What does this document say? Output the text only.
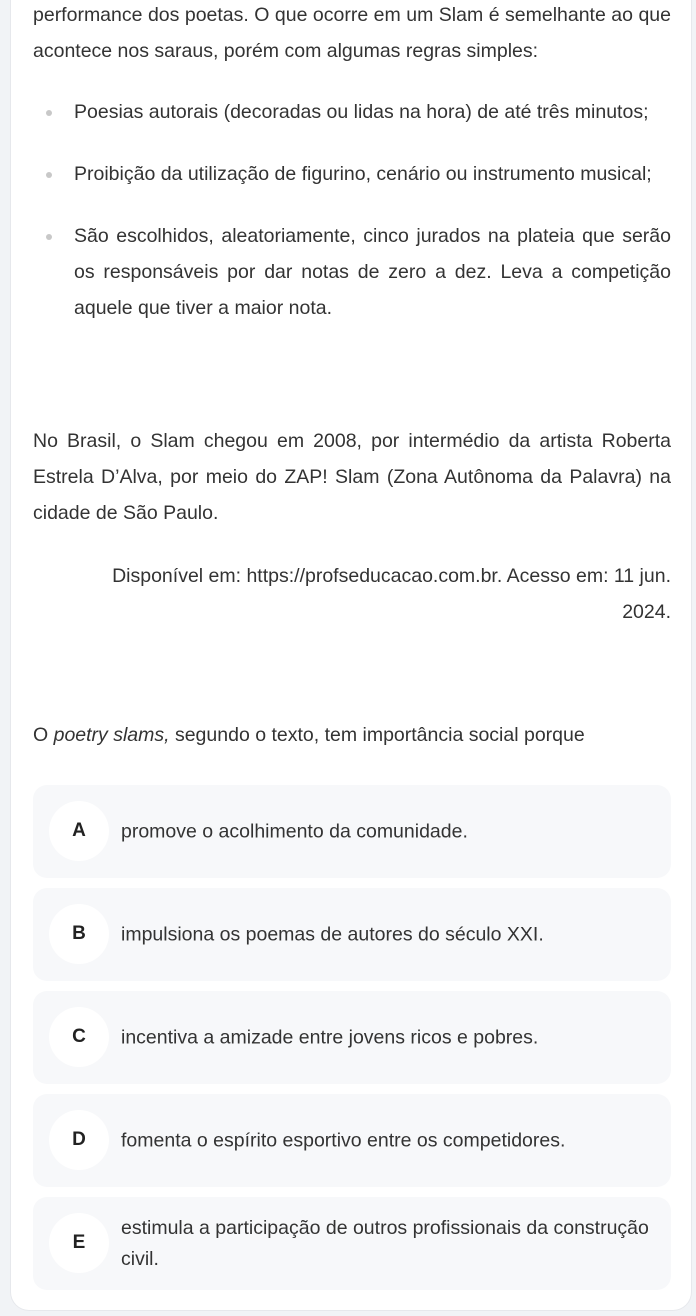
performance dos poetas. O que ocorre em um Slam é semelhante ao que acontece nos saraus, porém com algumas regras simples:

Poesias autorais (decoradas ou lidas na hora) de até três minutos;
Proibição da utilização de figurino, cenário ou instrumento musical;
São escolhidos, aleatoriamente, cinco jurados na plateia que serão os responsáveis por dar notas de zero a dez. Leva a competição aquele que tiver a maior nota.

No Brasil, o Slam chegou em 2008, por intermédio da artista Roberta Estrela D’Alva, por meio do ZAP! Slam (Zona Autônoma da Palavra) na cidade de São Paulo.

Disponível em: https://profseducacao.com.br. Acesso em: 11 jun. 2024.

O poetry slams, segundo o texto, tem importância social porque

A	promove o acolhimento da comunidade.
B	impulsiona os poemas de autores do século XXI.
C	incentiva a amizade entre jovens ricos e pobres.
D	fomenta o espírito esportivo entre os competidores.
E
estimula a participação de outros profissionais da construção civil.
